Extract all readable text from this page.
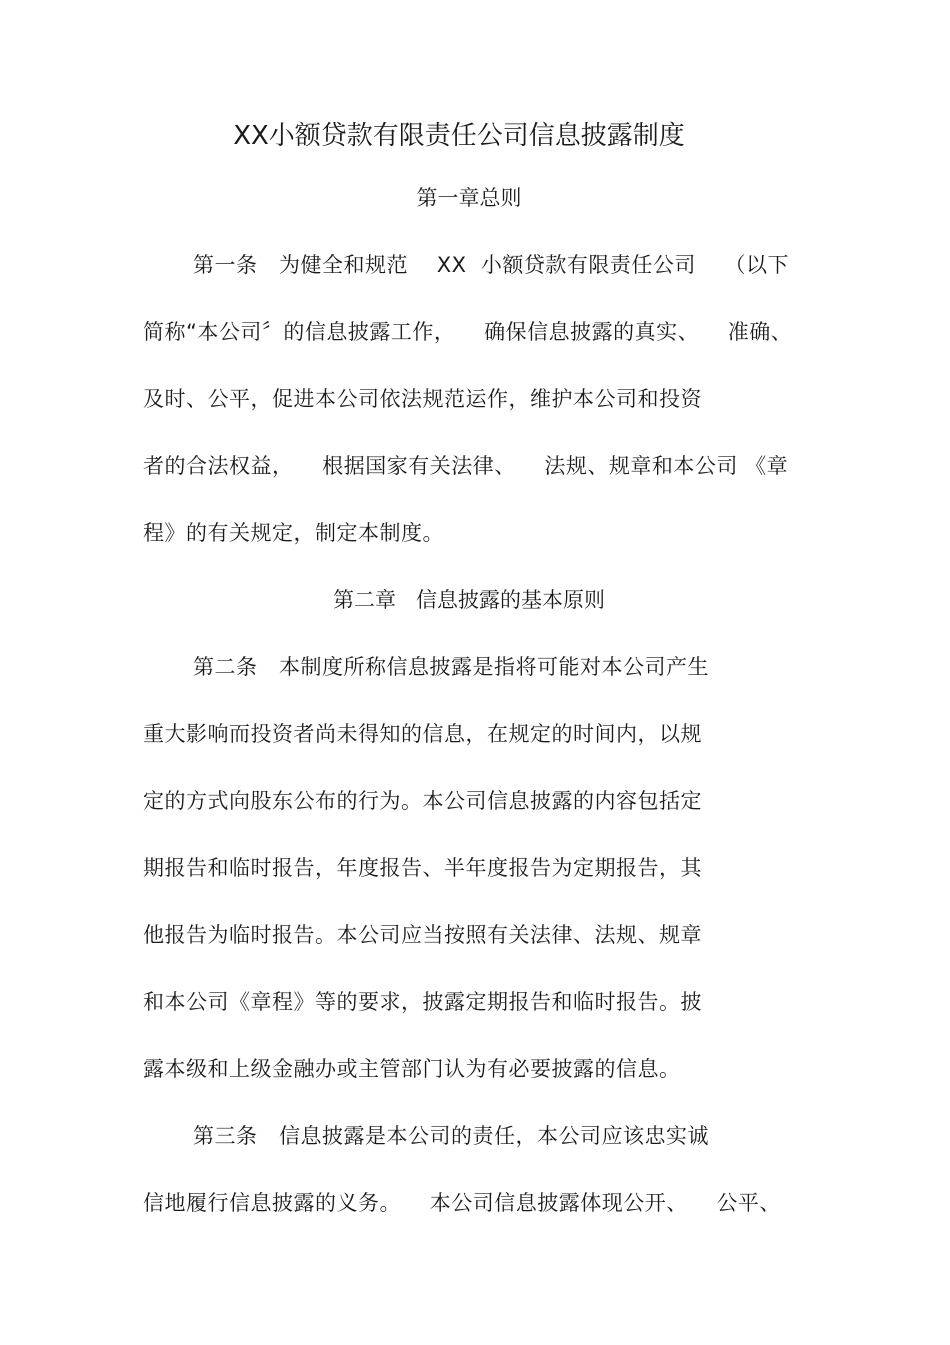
XX小额贷款有限责任公司信息披露制度
第一章总则
第一条   为健全和规范    XX  小额贷款有限责任公司    （以下
简称“本公司〞的信息披露工作，    确保信息披露的真实、    准确、
及时、公平，促进本公司依法规范运作，维护本公司和投资
者的合法权益，    根据国家有关法律、    法规、规章和本公司 《章
程》的有关规定，制定本制度。
第二章   信息披露的基本原则
第二条   本制度所称信息披露是指将可能对本公司产生
重大影响而投资者尚未得知的信息，在规定的时间内，以规
定的方式向股东公布的行为。本公司信息披露的内容包括定
期报告和临时报告，年度报告、半年度报告为定期报告，其
他报告为临时报告。本公司应当按照有关法律、法规、规章
和本公司《章程》等的要求，披露定期报告和临时报告。披
露本级和上级金融办或主管部门认为有必要披露的信息。
第三条   信息披露是本公司的责任，本公司应该忠实诚
信地履行信息披露的义务。    本公司信息披露体现公开、    公平、
